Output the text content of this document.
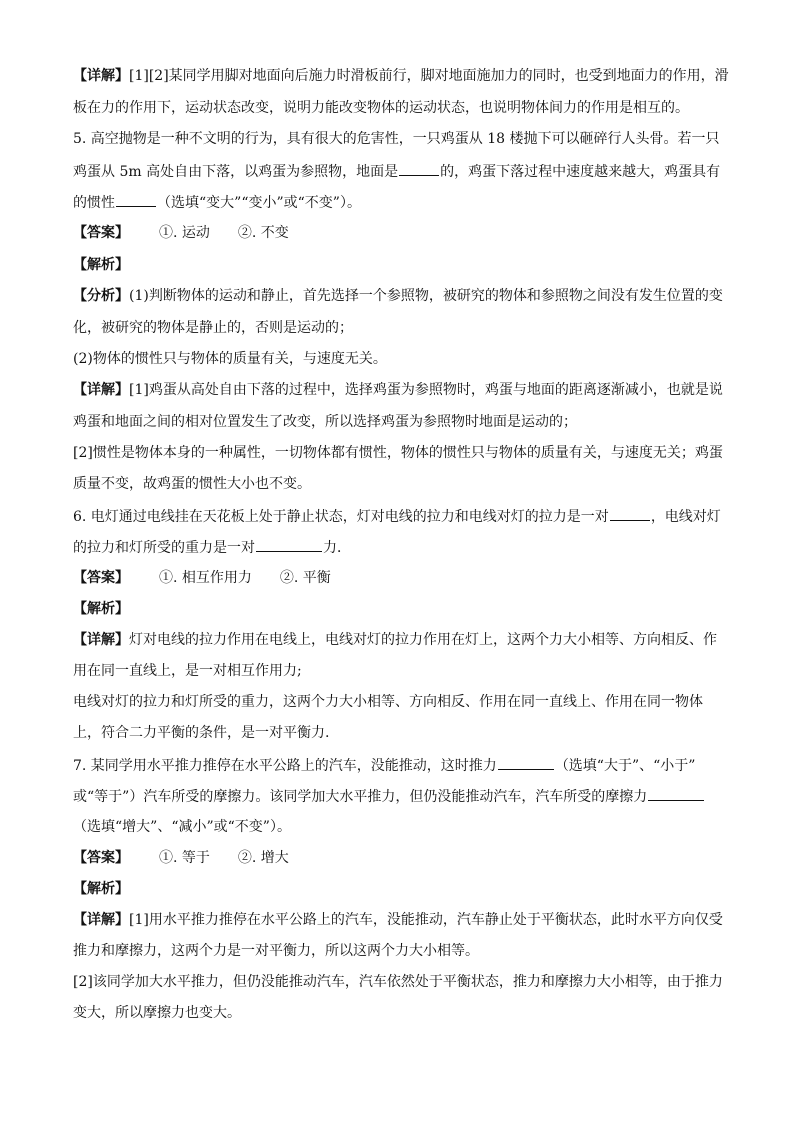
【详解】[1][2]某同学用脚对地面向后施力时滑板前行，脚对地面施加力的同时，也受到地面力的作用，滑
板在力的作用下，运动状态改变，说明力能改变物体的运动状态，也说明物体间力的作用是相互的。
5. 高空抛物是一种不文明的行为，具有很大的危害性，一只鸡蛋从 18 楼抛下可以砸碎行人头骨。若一只
鸡蛋从 5m 高处自由下落，以鸡蛋为参照物，地面是	的，鸡蛋下落过程中速度越来越大，鸡蛋具有
的惯性	（选填“变大”“变小”或“不变”）。
【答案】 ①. 运动 ②. 不变
【解析】
【分析】(1)判断物体的运动和静止，首先选择一个参照物，被研究的物体和参照物之间没有发生位置的变
化，被研究的物体是静止的，否则是运动的；
(2)物体的惯性只与物体的质量有关，与速度无关。
【详解】[1]鸡蛋从高处自由下落的过程中，选择鸡蛋为参照物时，鸡蛋与地面的距离逐渐减小，也就是说
鸡蛋和地面之间的相对位置发生了改变，所以选择鸡蛋为参照物时地面是运动的；
[2]惯性是物体本身的一种属性，一切物体都有惯性，物体的惯性只与物体的质量有关，与速度无关；鸡蛋
质量不变，故鸡蛋的惯性大小也不变。
6. 电灯通过电线挂在天花板上处于静止状态，灯对电线的拉力和电线对灯的拉力是一对	，电线对灯
的拉力和灯所受的重力是一对	力．
【答案】 ①. 相互作用力 ②. 平衡
【解析】
【详解】灯对电线的拉力作用在电线上，电线对灯的拉力作用在灯上，这两个力大小相等、方向相反、作
用在同一直线上，是一对相互作用力;
电线对灯的拉力和灯所受的重力，这两个力大小相等、方向相反、作用在同一直线上、作用在同一物体
上，符合二力平衡的条件，是一对平衡力.
7. 某同学用水平推力推停在水平公路上的汽车，没能推动，这时推力	（选填“大于”、“小于”
或“等于”）汽车所受的摩擦力。该同学加大水平推力，但仍没能推动汽车，汽车所受的摩擦力
（选填“增大”、“减小”或“不变”）。
【答案】 ①. 等于 ②. 增大
【解析】
【详解】[1]用水平推力推停在水平公路上的汽车，没能推动，汽车静止处于平衡状态，此时水平方向仅受
推力和摩擦力，这两个力是一对平衡力，所以这两个力大小相等。
[2]该同学加大水平推力，但仍没能推动汽车，汽车依然处于平衡状态，推力和摩擦力大小相等，由于推力
变大，所以摩擦力也变大。
